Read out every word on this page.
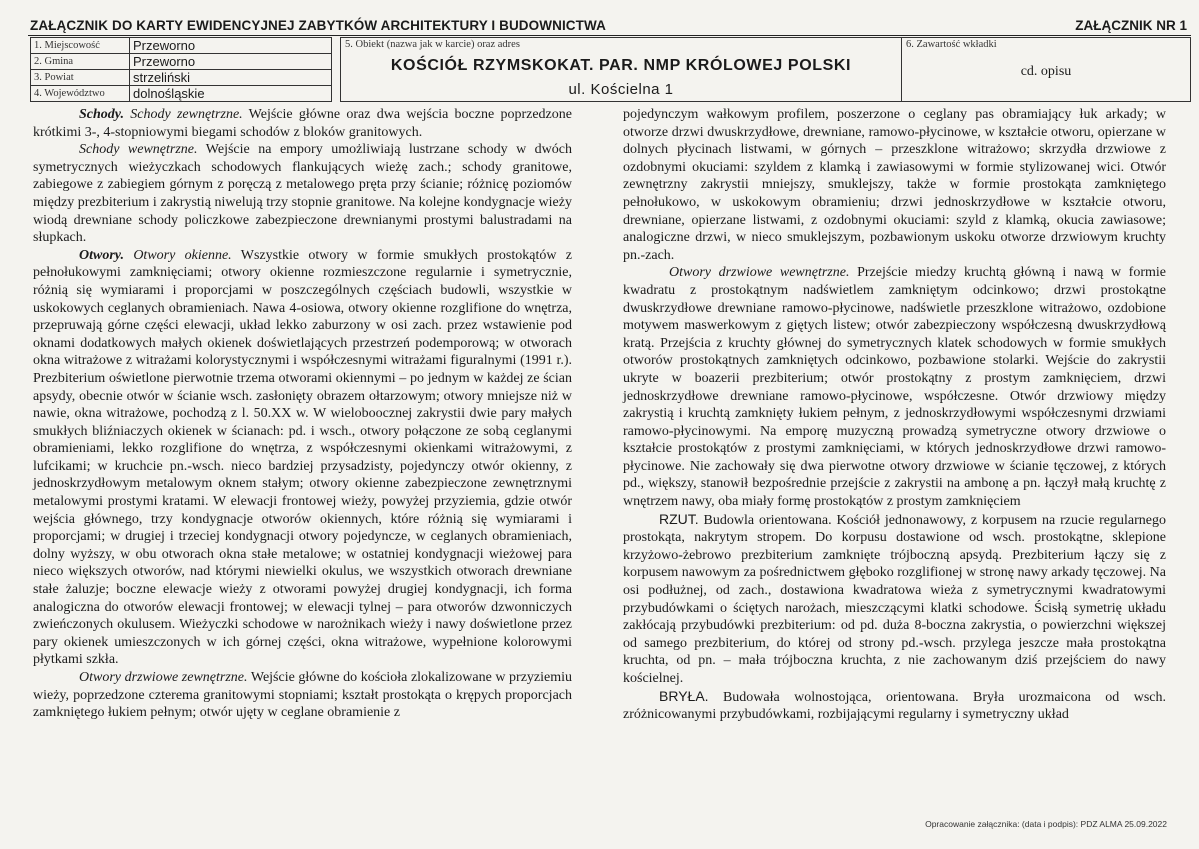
ZAŁĄCZNIK DO KARTY EWIDENCYJNEJ ZABYTKÓW ARCHITEKTURY I BUDOWNICTWA	ZAŁĄCZNIK NR 1
1. Miejscowość	Przeworno
2. Gmina	Przeworno
3. Powiat	strzeliński
4. Województwo	dolnośląskie
5. Obiekt (nazwa jak w karcie) oraz adres
KOŚCIÓŁ RZYMSKOKAT. PAR. NMP KRÓLOWEJ POLSKI
ul. Kościelna 1
6. Zawartość wkładki
cd. opisu

Schody. Schody zewnętrzne. Wejście główne oraz dwa wejścia boczne poprzedzone krótkimi 3-, 4-stopniowymi biegami schodów z bloków granitowych.

Schody wewnętrzne. Wejście na empory umożliwiają lustrzane schody w dwóch symetrycznych wieżyczkach schodowych flankujących wieżę zach.; schody granitowe, zabiegowe z zabiegiem górnym z poręczą z metalowego pręta przy ścianie; różnicę poziomów między prezbiterium i zakrystią niwelują trzy stopnie granitowe. Na kolejne kondygnacje wieży wiodą drewniane schody policzkowe zabezpieczone drewnianymi prostymi balustradami na słupkach.

Otwory. Otwory okienne. Wszystkie otwory w formie smukłych prostokątów z pełnołukowymi zamknięciami; otwory okienne rozmieszczone regularnie i symetrycznie, różnią się wymiarami i proporcjami w poszczególnych częściach budowli, wszystkie w uskokowych ceglanych obramieniach. Nawa 4-osiowa, otwory okienne rozglifione do wnętrza, przepruwają górne części elewacji, układ lekko zaburzony w osi zach. przez wstawienie pod oknami dodatkowych małych okienek doświetlających przestrzeń podemporową; w otworach okna witrażowe z witrażami kolorystycznymi i współczesnymi witrażami figuralnymi (1991 r.). Prezbiterium oświetlone pierwotnie trzema otworami okiennymi – po jednym w każdej ze ścian apsydy, obecnie otwór w ścianie wsch. zasłonięty obrazem ołtarzowym; otwory mniejsze niż w nawie, okna witrażowe, pochodzą z l. 50.XX w. W wieloboocznej zakrystii dwie pary małych smukłych bliźniaczych okienek w ścianach: pd. i wsch., otwory połączone ze sobą ceglanymi obramieniami, lekko rozglifione do wnętrza, z współczesnymi okienkami witrażowymi, z lufcikami; w kruchcie pn.-wsch. nieco bardziej przysadzisty, pojedynczy otwór okienny, z jednoskrzydłowym metalowym oknem stałym; otwory okienne zabezpieczone zewnętrznymi metalowymi prostymi kratami. W elewacji frontowej wieży, powyżej przyziemia, gdzie otwór wejścia głównego, trzy kondygnacje otworów okiennych, które różnią się wymiarami i proporcjami; w drugiej i trzeciej kondygnacji otwory pojedyncze, w ceglanych obramieniach, dolny wyższy, w obu otworach okna stałe metalowe; w ostatniej kondygnacji wieżowej para nieco większych otworów, nad którymi niewielki okulus, we wszystkich otworach drewniane stałe żaluzje; boczne elewacje wieży z otworami powyżej drugiej kondygnacji, ich forma analogiczna do otworów elewacji frontowej; w elewacji tylnej – para otworów dzwonniczych zwieńczonych okulusem. Wieżyczki schodowe w narożnikach wieży i nawy doświetlone przez pary okienek umieszczonych w ich górnej części, okna witrażowe, wypełnione kolorowymi płytkami szkła.

Otwory drzwiowe zewnętrzne. Wejście główne do kościoła zlokalizowane w przyziemiu wieży, poprzedzone czterema granitowymi stopniami; kształt prostokąta o krępych proporcjach zamkniętego łukiem pełnym; otwór ujęty w ceglane obramienie z

pojedynczym wałkowym profilem, poszerzone o ceglany pas obramiający łuk arkady; w otworze drzwi dwuskrzydłowe, drewniane, ramowo-płycinowe, w kształcie otworu, opierzane w dolnych płycinach listwami, w górnych – przeszklone witrażowo; skrzydła drzwiowe z ozdobnymi okuciami: szyldem z klamką i zawiasowymi w formie stylizowanej wici. Otwór zewnętrzny zakrystii mniejszy, smuklejszy, także w formie prostokąta zamkniętego pełnołukowo, w uskokowym obramieniu; drzwi jednoskrzydłowe w kształcie otworu, drewniane, opierzane listwami, z ozdobnymi okuciami: szyld z klamką, okucia zawiasowe; analogiczne drzwi, w nieco smuklejszym, pozbawionym uskoku otworze drzwiowym kruchty pn.-zach.

Otwory drzwiowe wewnętrzne. Przejście miedzy kruchtą główną i nawą w formie kwadratu z prostokątnym nadświetlem zamkniętym odcinkowo; drzwi prostokątne dwuskrzydłowe drewniane ramowo-płycinowe, nadświetle przeszklone witrażowo, ozdobione motywem maswerkowym z giętych listew; otwór zabezpieczony współczesną dwuskrzydłową kratą. Przejścia z kruchty głównej do symetrycznych klatek schodowych w formie smukłych otworów prostokątnych zamkniętych odcinkowo, pozbawione stolarki. Wejście do zakrystii ukryte w boazerii prezbiterium; otwór prostokątny z prostym zamknięciem, drzwi jednoskrzydłowe drewniane ramowo-płycinowe, współczesne. Otwór drzwiowy między zakrystią i kruchtą zamknięty łukiem pełnym, z jednoskrzydłowymi współczesnymi drzwiami ramowo-płycinowymi. Na emporę muzyczną prowadzą symetryczne otwory drzwiowe o kształcie prostokątów z prostymi zamknięciami, w których jednoskrzydłowe drzwi ramowo-płycinowe. Nie zachowały się dwa pierwotne otwory drzwiowe w ścianie tęczowej, z których pd., większy, stanowił bezpośrednie przejście z zakrystii na ambonę a pn. łączył małą kruchtę z wnętrzem nawy, oba miały formę prostokątów z prostym zamknięciem

RZUT. Budowla orientowana. Kościół jednonawowy, z korpusem na rzucie regularnego prostokąta, nakrytym stropem. Do korpusu dostawione od wsch. prostokątne, sklepione krzyżowo-żebrowo prezbiterium zamknięte trójboczną apsydą. Prezbiterium łączy się z korpusem nawowym za pośrednictwem głęboko rozglifionej w stronę nawy arkady tęczowej. Na osi podłużnej, od zach., dostawiona kwadratowa wieża z symetrycznymi kwadratowymi przybudówkami o ściętych narożach, mieszczącymi klatki schodowe. Ścisłą symetrię układu zakłócają przybudówki prezbiterium: od pd. duża 8-boczna zakrystia, o powierzchni większej od samego prezbiterium, do której od strony pd.-wsch. przylega jeszcze mała prostokątna kruchta, od pn. – mała trójboczna kruchta, z nie zachowanym dziś przejściem do nawy kościelnej.

BRYŁA. Budowała wolnostojąca, orientowana. Bryła urozmaicona od wsch. zróżnicowanymi przybudówkami, rozbijającymi regularny i symetryczny układ

Opracowanie załącznika: (data i podpis): PDZ ALMA 25.09.2022
